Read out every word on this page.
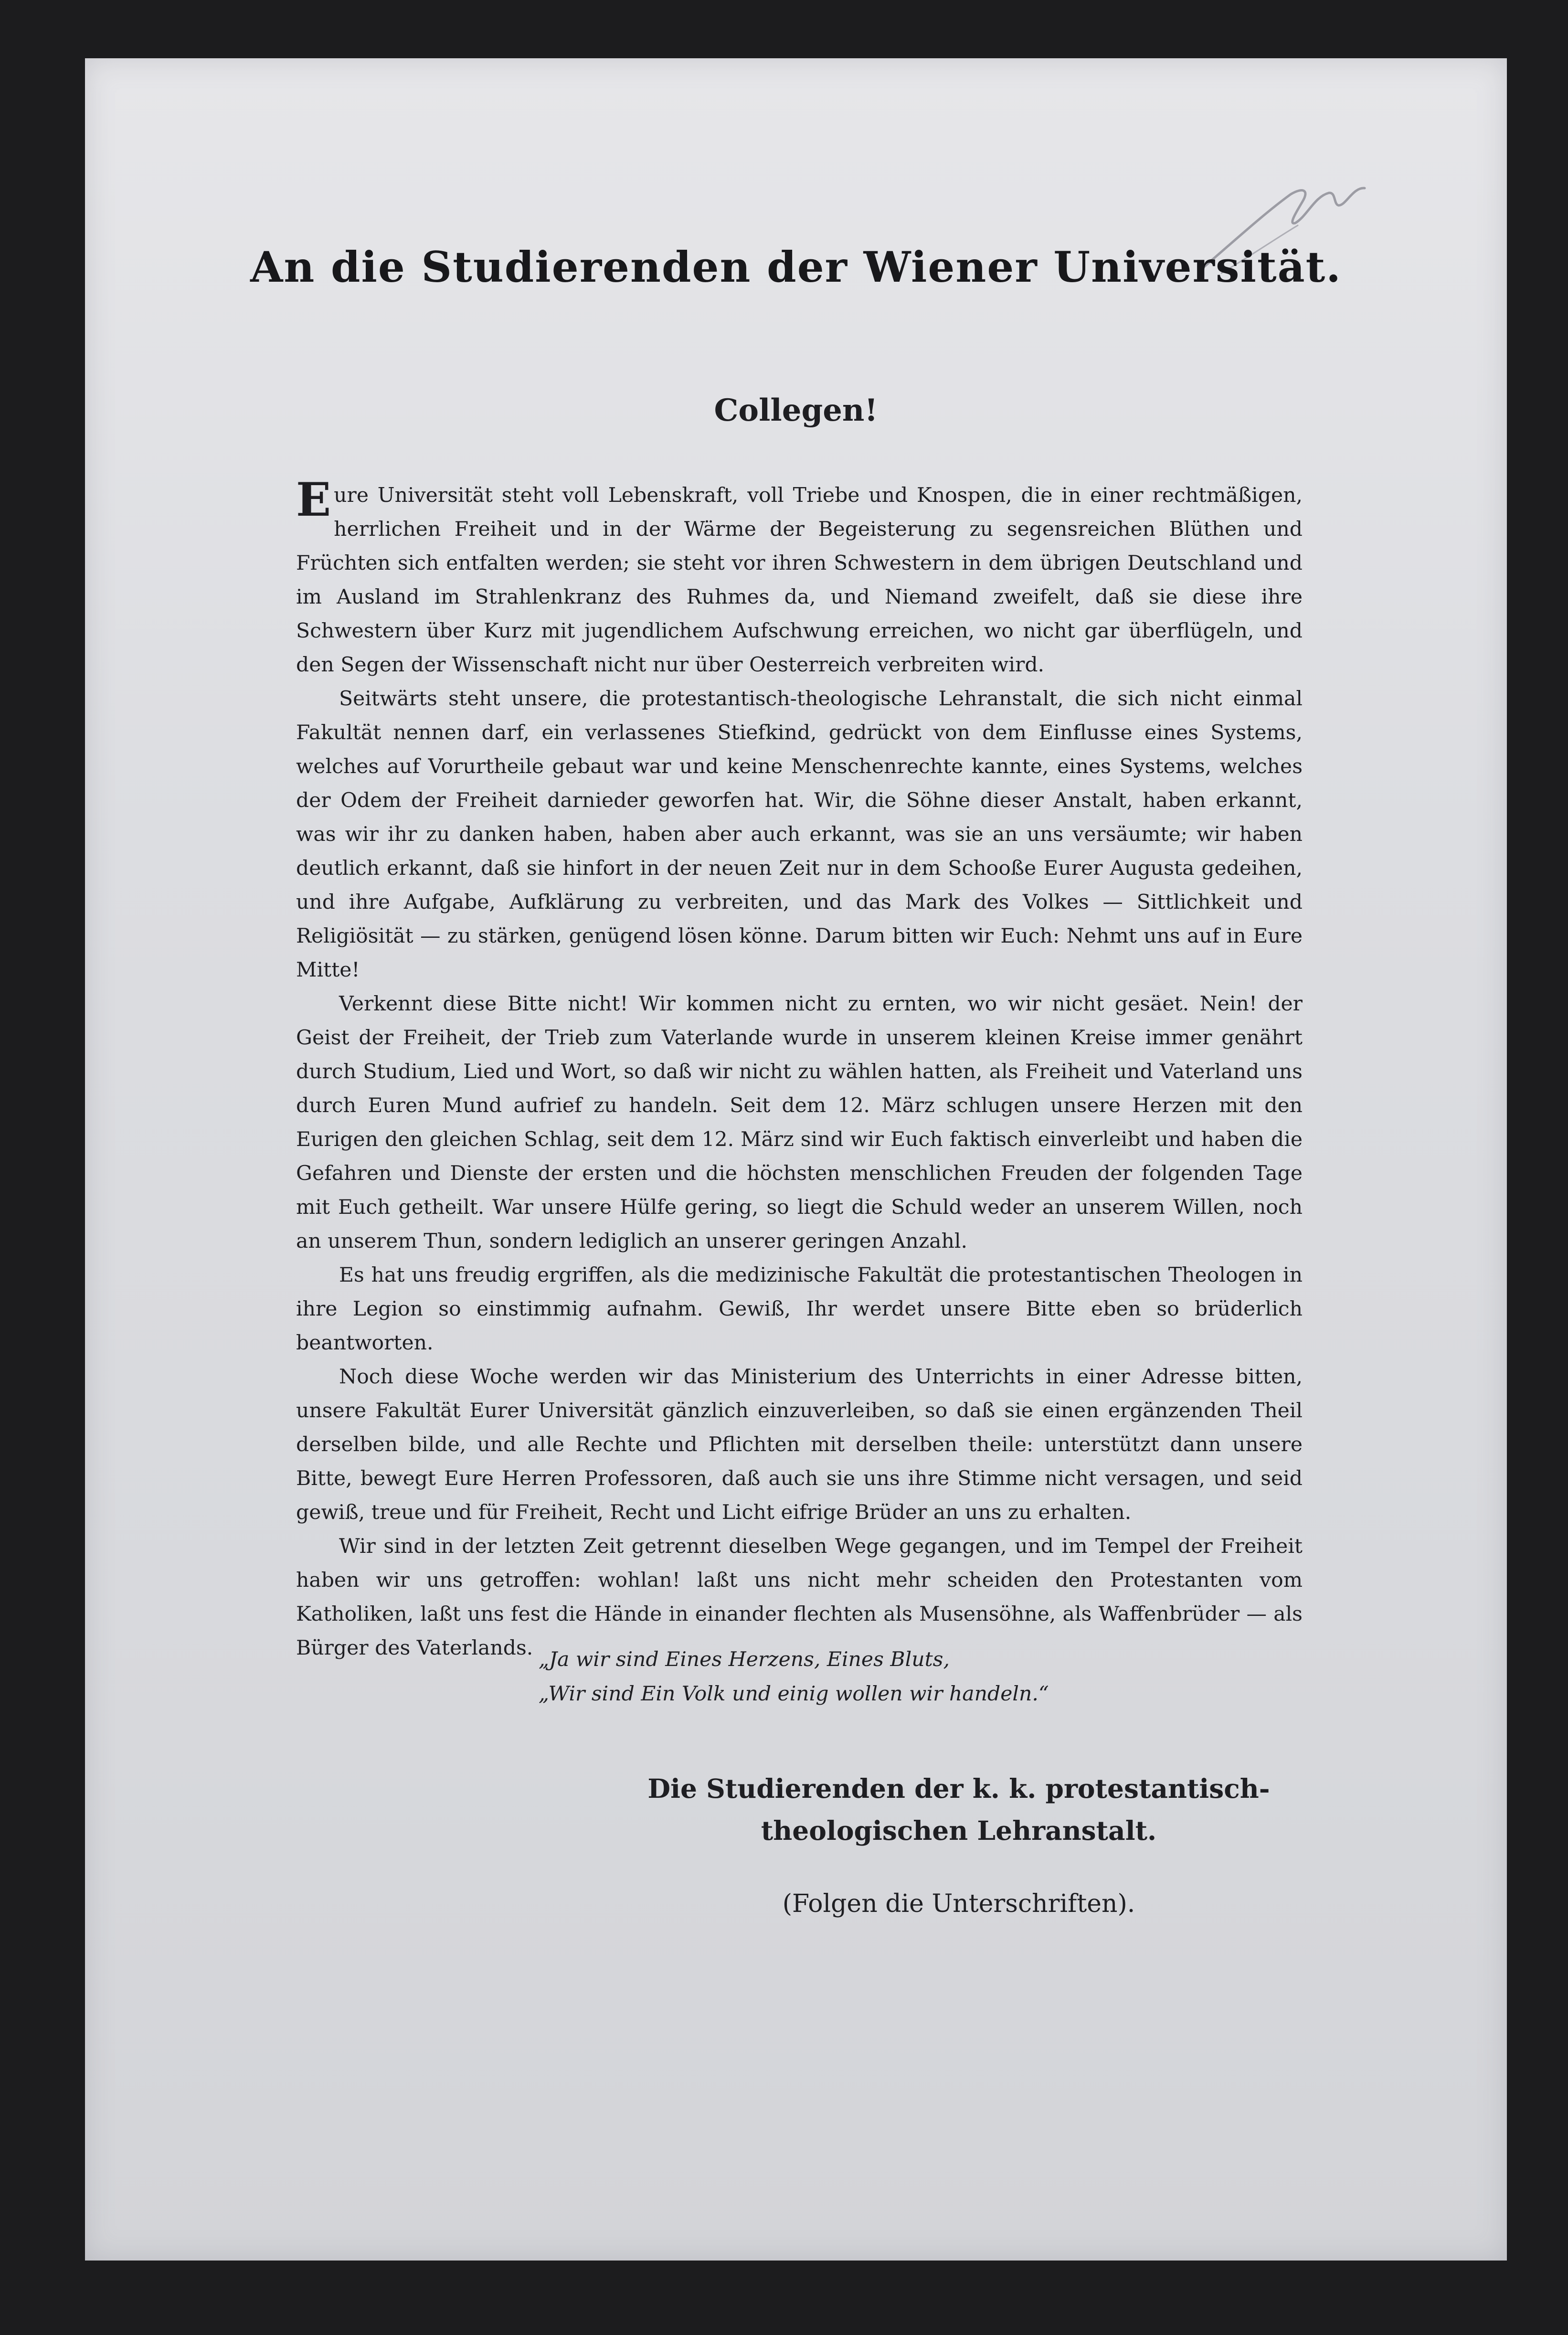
An die Studierenden der Wiener Universität.
Collegen!

Eure Universität steht voll Lebenskraft, voll Triebe und Knospen, die in einer rechtmäßigen, herrlichen Freiheit und in der Wärme der Begeisterung zu segensreichen Blüthen und Früchten sich entfalten werden; sie steht vor ihren Schwestern in dem übrigen Deutschland und im Ausland im Strahlenkranz des Ruhmes da, und Niemand zweifelt, daß sie diese ihre Schwestern über Kurz mit jugendlichem Aufschwung erreichen, wo nicht gar überflügeln, und den Segen der Wissenschaft nicht nur über Oesterreich verbreiten wird.

Seitwärts steht unsere, die protestantisch-theologische Lehranstalt, die sich nicht einmal Fakultät nennen darf, ein verlassenes Stiefkind, gedrückt von dem Einflusse eines Systems, welches auf Vorurtheile gebaut war und keine Menschenrechte kannte, eines Systems, welches der Odem der Freiheit darnieder geworfen hat. Wir, die Söhne dieser Anstalt, haben erkannt, was wir ihr zu danken haben, haben aber auch erkannt, was sie an uns versäumte; wir haben deutlich erkannt, daß sie hinfort in der neuen Zeit nur in dem Schooße Eurer Augusta gedeihen, und ihre Aufgabe, Aufklärung zu verbreiten, und das Mark des Volkes — Sittlichkeit und Religiösität — zu stärken, genügend lösen könne. Darum bitten wir Euch: Nehmt uns auf in Eure Mitte!

Verkennt diese Bitte nicht! Wir kommen nicht zu ernten, wo wir nicht gesäet. Nein! der Geist der Freiheit, der Trieb zum Vaterlande wurde in unserem kleinen Kreise immer genährt durch Studium, Lied und Wort, so daß wir nicht zu wählen hatten, als Freiheit und Vaterland uns durch Euren Mund aufrief zu handeln. Seit dem 12. März schlugen unsere Herzen mit den Eurigen den gleichen Schlag, seit dem 12. März sind wir Euch faktisch einverleibt und haben die Gefahren und Dienste der ersten und die höchsten menschlichen Freuden der folgenden Tage mit Euch getheilt. War unsere Hülfe gering, so liegt die Schuld weder an unserem Willen, noch an unserem Thun, sondern lediglich an unserer geringen Anzahl.

Es hat uns freudig ergriffen, als die medizinische Fakultät die protestantischen Theologen in ihre Legion so einstimmig aufnahm. Gewiß, Ihr werdet unsere Bitte eben so brüderlich beantworten.

Noch diese Woche werden wir das Ministerium des Unterrichts in einer Adresse bitten, unsere Fakultät Eurer Universität gänzlich einzuverleiben, so daß sie einen ergänzenden Theil derselben bilde, und alle Rechte und Pflichten mit derselben theile: unterstützt dann unsere Bitte, bewegt Eure Herren Professoren, daß auch sie uns ihre Stimme nicht versagen, und seid gewiß, treue und für Freiheit, Recht und Licht eifrige Brüder an uns zu erhalten.

Wir sind in der letzten Zeit getrennt dieselben Wege gegangen, und im Tempel der Freiheit haben wir uns getroffen: wohlan! laßt uns nicht mehr scheiden den Protestanten vom Katholiken, laßt uns fest die Hände in einander flechten als Musensöhne, als Waffenbrüder — als Bürger des Vaterlands. „Ja wir sind Eines Herzens, Eines Bluts,
„Wir sind Ein Volk und einig wollen wir handeln.“
Die Studierenden der k. k. protestantisch-theologischen Lehranstalt.
(Folgen die Unterschriften).
